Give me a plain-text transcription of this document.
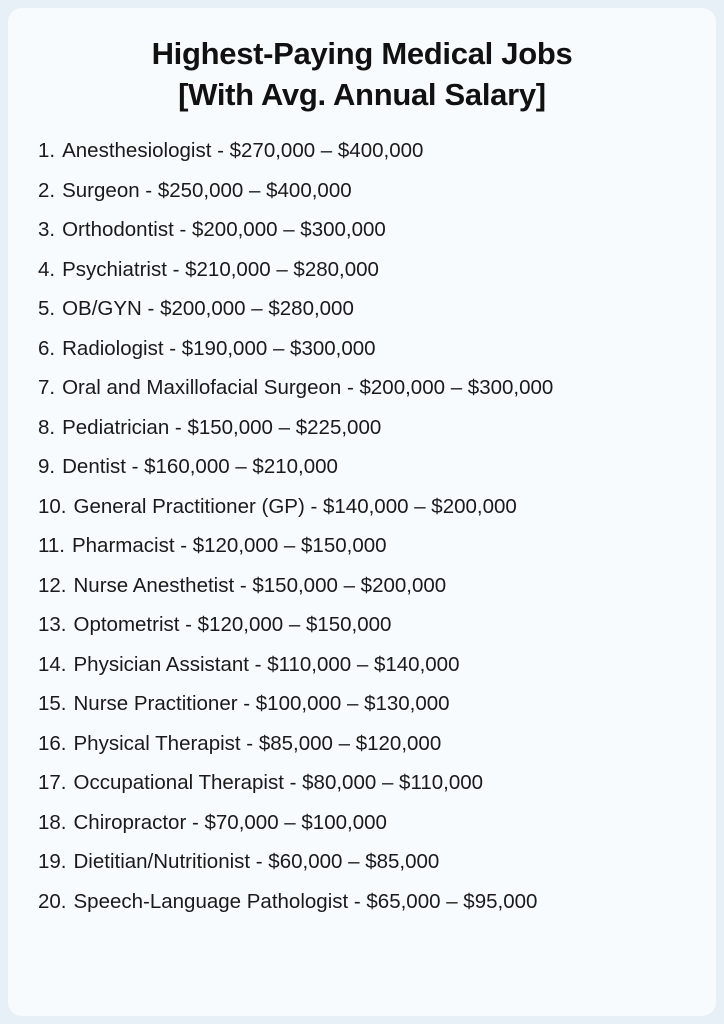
Highest-Paying Medical Jobs
[With Avg. Annual Salary]
1. Anesthesiologist - $270,000 – $400,000
2. Surgeon - $250,000 – $400,000
3. Orthodontist - $200,000 – $300,000
4. Psychiatrist - $210,000 – $280,000
5. OB/GYN - $200,000 – $280,000
6. Radiologist - $190,000 – $300,000
7. Oral and Maxillofacial Surgeon - $200,000 – $300,000
8. Pediatrician - $150,000 – $225,000
9. Dentist - $160,000 – $210,000
10. General Practitioner (GP) - $140,000 – $200,000
11. Pharmacist - $120,000 – $150,000
12. Nurse Anesthetist - $150,000 – $200,000
13. Optometrist - $120,000 – $150,000
14. Physician Assistant - $110,000 – $140,000
15. Nurse Practitioner - $100,000 – $130,000
16. Physical Therapist - $85,000 – $120,000
17. Occupational Therapist - $80,000 – $110,000
18. Chiropractor - $70,000 – $100,000
19. Dietitian/Nutritionist - $60,000 – $85,000
20. Speech-Language Pathologist - $65,000 – $95,000
